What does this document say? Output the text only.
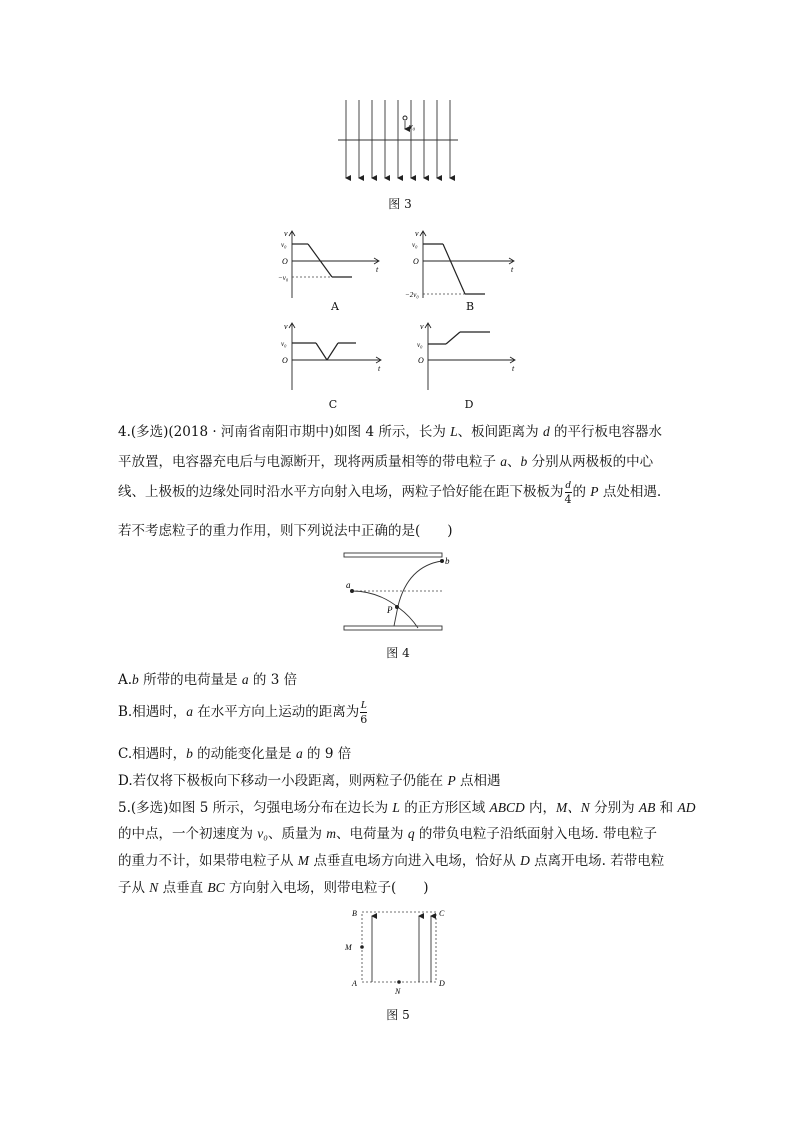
v₀
图 3
v
v₀
O
−v₀
t
A
v
v₀
O
−2v₀
t
B
v
v₀
O
t
C
v
v₀
O
t
D
4.(多选)(2018 · 河南省南阳市期中)如图 4 所示，长为 L、板间距离为 d 的平行板电容器水
平放置，电容器充电后与电源断开，现将两质量相等的带电粒子 a、b 分别从两极板的中心
线、上极板的边缘处同时沿水平方向射入电场，两粒子恰好能在距下极板为 $\frac{d}{4}$ 的 P 点处相遇.
若不考虑粒子的重力作用，则下列说法中正确的是(　　)
a
b
P
图 4
A.b 所带的电荷量是 a 的 3 倍
B.相遇时，a 在水平方向上运动的距离为 $\frac{L}{6}$
C.相遇时，b 的动能变化量是 a 的 9 倍
D.若仅将下极板向下移动一小段距离，则两粒子仍能在 P 点相遇
5.(多选)如图 5 所示，匀强电场分布在边长为 L 的正方形区域 ABCD 内，M、N 分别为 AB 和 AD
的中点，一个初速度为 v₀、质量为 m、电荷量为 q 的带负电粒子沿纸面射入电场. 带电粒子
的重力不计，如果带电粒子从 M 点垂直电场方向进入电场，恰好从 D 点离开电场. 若带电粒
子从 N 点垂直 BC 方向射入电场，则带电粒子(　　)
B	C
A	D
M
N
图 5
